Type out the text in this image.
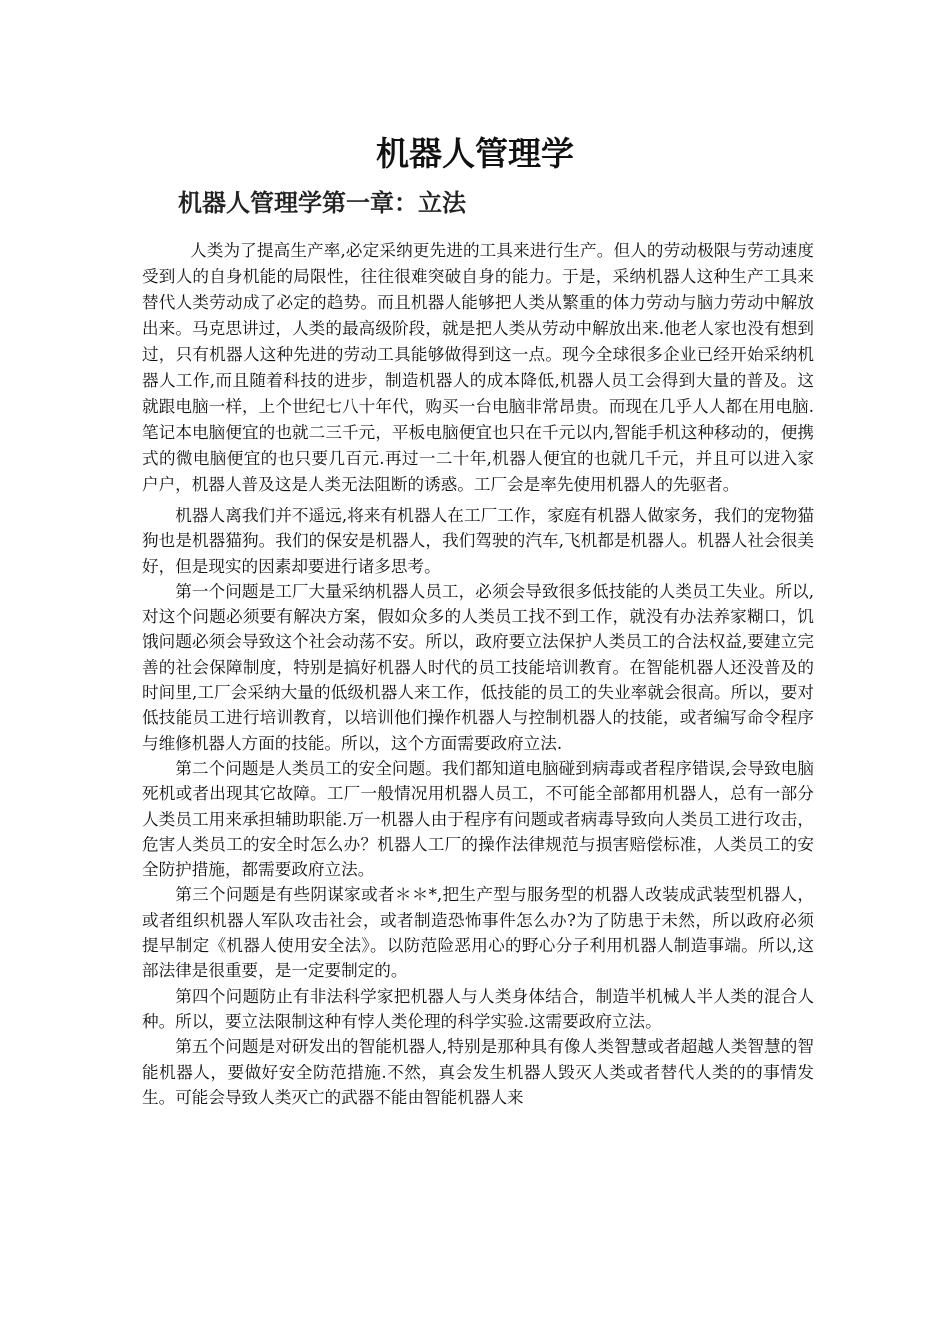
机器人管理学
机器人管理学第一章：立法

人类为了提高生产率,必定采纳更先进的工具来进行生产。但人的劳动极限与劳动速度受到人的自身机能的局限性，往往很难突破自身的能力。于是，采纳机器人这种生产工具来替代人类劳动成了必定的趋势。而且机器人能够把人类从繁重的体力劳动与脑力劳动中解放出来。马克思讲过，人类的最高级阶段，就是把人类从劳动中解放出来.他老人家也没有想到过，只有机器人这种先进的劳动工具能够做得到这一点。现今全球很多企业已经开始采纳机器人工作,而且随着科技的进步，制造机器人的成本降低,机器人员工会得到大量的普及。这就跟电脑一样，上个世纪七八十年代，购买一台电脑非常昂贵。而现在几乎人人都在用电脑.笔记本电脑便宜的也就二三千元，平板电脑便宜也只在千元以内,智能手机这种移动的，便携式的微电脑便宜的也只要几百元.再过一二十年,机器人便宜的也就几千元，并且可以进入家户户，机器人普及这是人类无法阻断的诱惑。工厂会是率先使用机器人的先驱者。

机器人离我们并不遥远,将来有机器人在工厂工作，家庭有机器人做家务，我们的宠物猫狗也是机器猫狗。我们的保安是机器人，我们驾驶的汽车,飞机都是机器人。机器人社会很美好，但是现实的因素却要进行诸多思考。

第一个问题是工厂大量采纳机器人员工，必须会导致很多低技能的人类员工失业。所以,对这个问题必须要有解决方案，假如众多的人类员工找不到工作，就没有办法养家糊口，饥饿问题必须会导致这个社会动荡不安。所以，政府要立法保护人类员工的合法权益,要建立完善的社会保障制度，特别是搞好机器人时代的员工技能培训教育。在智能机器人还没普及的时间里,工厂会采纳大量的低级机器人来工作，低技能的员工的失业率就会很高。所以，要对低技能员工进行培训教育，以培训他们操作机器人与控制机器人的技能，或者编写命令程序与维修机器人方面的技能。所以，这个方面需要政府立法.

第二个问题是人类员工的安全问题。我们都知道电脑碰到病毒或者程序错误,会导致电脑死机或者出现其它故障。工厂一般情况用机器人员工，不可能全部都用机器人，总有一部分人类员工用来承担辅助职能.万一机器人由于程序有问题或者病毒导致向人类员工进行攻击，危害人类员工的安全时怎么办？机器人工厂的操作法律规范与损害赔偿标准，人类员工的安全防护措施，都需要政府立法。

第三个问题是有些阴谋家或者＊＊*,把生产型与服务型的机器人改装成武装型机器人，或者组织机器人军队攻击社会，或者制造恐怖事件怎么办?为了防患于未然，所以政府必须提早制定《机器人使用安全法》。以防范险恶用心的野心分子利用机器人制造事端。所以,这部法律是很重要，是一定要制定的。

第四个问题防止有非法科学家把机器人与人类身体结合，制造半机械人半人类的混合人种。所以，要立法限制这种有悖人类伦理的科学实验.这需要政府立法。

第五个问题是对研发出的智能机器人,特别是那种具有像人类智慧或者超越人类智慧的智能机器人，要做好安全防范措施.不然，真会发生机器人毁灭人类或者替代人类的的事情发生。可能会导致人类灭亡的武器不能由智能机器人来
